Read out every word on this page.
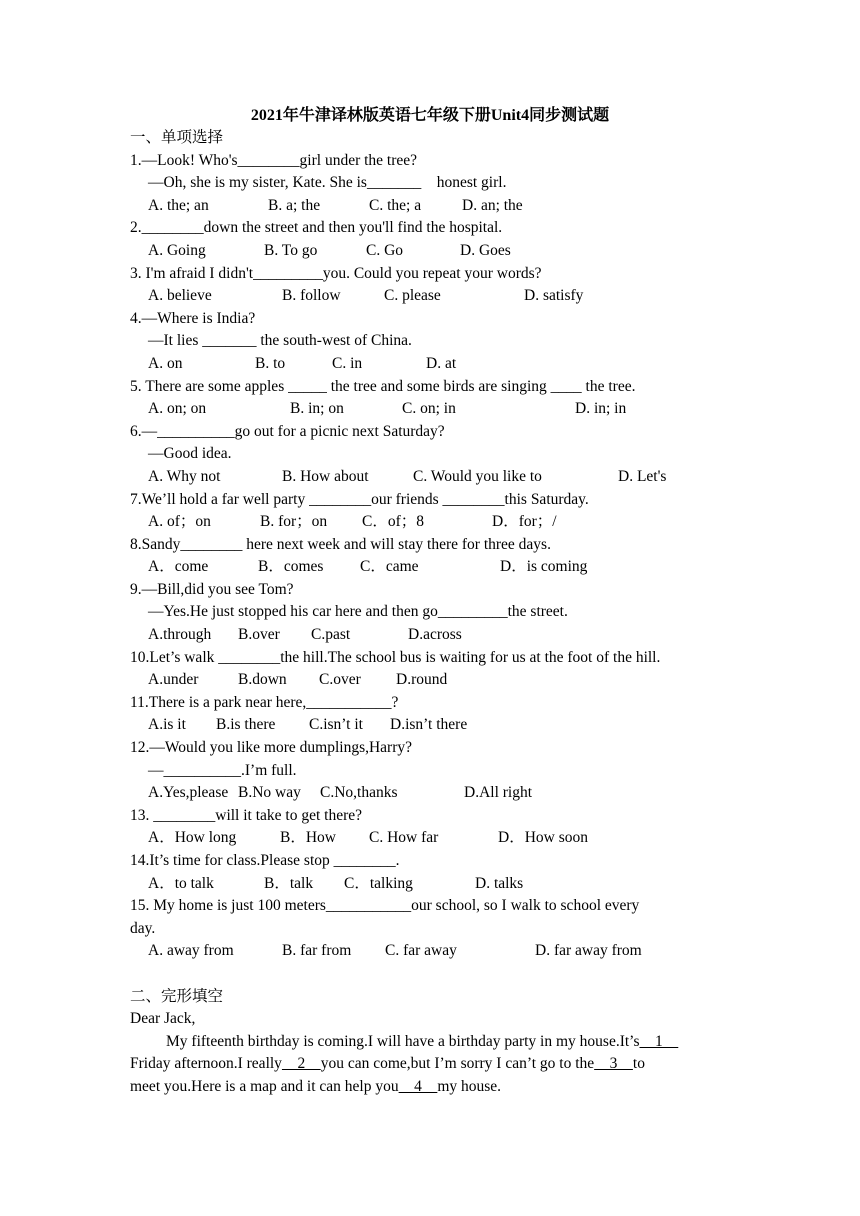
2021年牛津译林版英语七年级下册Unit4同步测试题
一、单项选择
1.—Look! Who's________girl under the tree?
—Oh, she is my sister, Kate. She is_______    honest girl.
A. the; an	B. a; the	C. the; a	D. an; the
2.________down the street and then you'll find the hospital.
A. Going	B. To go	C. Go	D. Goes
3. I'm afraid I didn't_________you. Could you repeat your words?
A. believe	B. follow	C. please	D. satisfy
4.—Where is India?
—It lies _______ the south-west of China.
A. on	B. to	C. in	D. at
5. There are some apples _____ the tree and some birds are singing ____ the tree.
A. on; on	B. in; on	C. on; in	D. in; in
6.—__________go out for a picnic next Saturday?
—Good idea.
A. Why not	B. How about	C. Would you like to	D. Let's
7.We’ll hold a far well party ________our friends ________this Saturday.
A. of；on	B. for；on C．of；8	D．for；/
8.Sandy________ here next week and will stay there for three days.
A．come	B．comes C．came	D．is coming
9.—Bill,did you see Tom?
—Yes.He just stopped his car here and then go_________the street.
A.through B.over C.past	D.across
10.Let’s walk ________the hill.The school bus is waiting for us at the foot of the hill.
A.under	B.down C.over D.round
11.There is a park near here,___________?
A.is it B.is there C.isn’t it D.isn’t there
12.—Would you like more dumplings,Harry?
—__________.I’m full.
A.Yes,please B.No way C.No,thanks	D.All right
13. ________will it take to get there?
A．How long	B．How C. How far	D．How soon
14.It’s time for class.Please stop ________.
A．to talk	B．talk C．talking	D. talks
15. My home is just 100 meters___________our school, so I walk to school every
day.
A. away from	B. far from C. far away	D. far away from
二、完形填空
Dear Jack,
My fifteenth birthday is coming.I will have a birthday party in my house.It’s    1
Friday afternoon.I really    2    you can come,but I’m sorry I can’t go to the    3    to
meet you.Here is a map and it can help you    4    my house.
